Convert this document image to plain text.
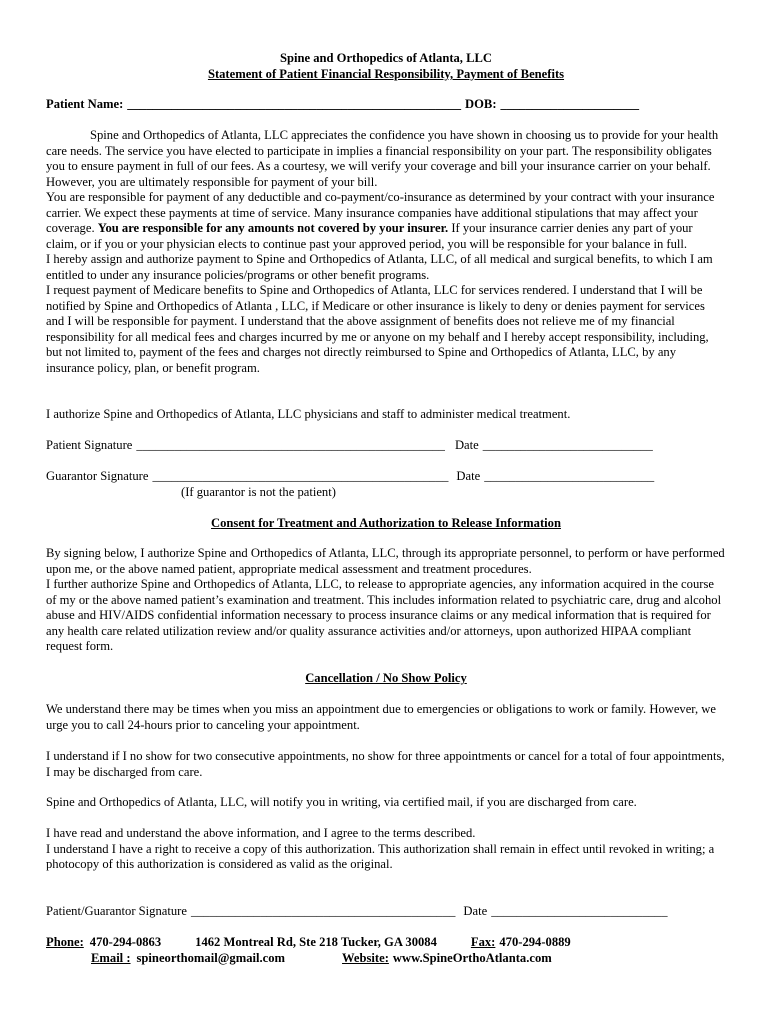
Spine and Orthopedics of Atlanta, LLC
Statement of Patient Financial Responsibility, Payment of Benefits
Patient Name: _____________________________________________________ DOB: ______________________

Spine and Orthopedics of Atlanta, LLC appreciates the confidence you have shown in choosing us to provide for your health care needs. The service you have elected to participate in implies a financial responsibility on your part. The responsibility obligates you to ensure payment in full of our fees. As a courtesy, we will verify your coverage and bill your insurance carrier on your behalf. However, you are ultimately responsible for payment of your bill.

You are responsible for payment of any deductible and co-payment/co-insurance as determined by your contract with your insurance carrier. We expect these payments at time of service. Many insurance companies have additional stipulations that may affect your coverage. You are responsible for any amounts not covered by your insurer. If your insurance carrier denies any part of your claim, or if you or your physician elects to continue past your approved period, you will be responsible for your balance in full.

I hereby assign and authorize payment to Spine and Orthopedics of Atlanta, LLC, of all medical and surgical benefits, to which I am entitled to under any insurance policies/programs or other benefit programs.

I request payment of Medicare benefits to Spine and Orthopedics of Atlanta, LLC for services rendered. I understand that I will be notified by Spine and Orthopedics of Atlanta , LLC, if Medicare or other insurance is likely to deny or denies payment for services and I will be responsible for payment. I understand that the above assignment of benefits does not relieve me of my financial responsibility for all medical fees and charges incurred by me or anyone on my behalf and I hereby accept responsibility, including, but not limited to, payment of the fees and charges not directly reimbursed to Spine and Orthopedics of Atlanta, LLC, by any insurance policy, plan, or benefit program.

I authorize Spine and Orthopedics of Atlanta, LLC physicians and staff to administer medical treatment.

Patient Signature _________________________________________________ Date ___________________________
Guarantor Signature _______________________________________________ Date ___________________________
(If guarantor is not the patient)
Consent for Treatment and Authorization to Release Information

By signing below, I authorize Spine and Orthopedics of Atlanta, LLC, through its appropriate personnel, to perform or have performed upon me, or the above named patient, appropriate medical assessment and treatment procedures.

I further authorize Spine and Orthopedics of Atlanta, LLC, to release to appropriate agencies, any information acquired in the course of my or the above named patient’s examination and treatment. This includes information related to psychiatric care, drug and alcohol abuse and HIV/AIDS confidential information necessary to process insurance claims or any medical information that is required for any health care related utilization review and/or quality assurance activities and/or attorneys, upon authorized HIPAA compliant request form.

Cancellation / No Show Policy

We understand there may be times when you miss an appointment due to emergencies or obligations to work or family. However, we urge you to call 24-hours prior to canceling your appointment.

I understand if I no show for two consecutive appointments, no show for three appointments or cancel for a total of four appointments, I may be discharged from care.

Spine and Orthopedics of Atlanta, LLC, will notify you in writing, via certified mail, if you are discharged from care.

I have read and understand the above information, and I agree to the terms described.

I understand I have a right to receive a copy of this authorization. This authorization shall remain in effect until revoked in writing; a photocopy of this authorization is considered as valid as the original.

Patient/Guarantor Signature __________________________________________ Date ____________________________
Phone: 470-294-0863	1462 Montreal Rd, Ste 218 Tucker, GA 30084	Fax: 470-294-0889
Email : spineorthomail@gmail.com	Website: www.SpineOrthoAtlanta.com
